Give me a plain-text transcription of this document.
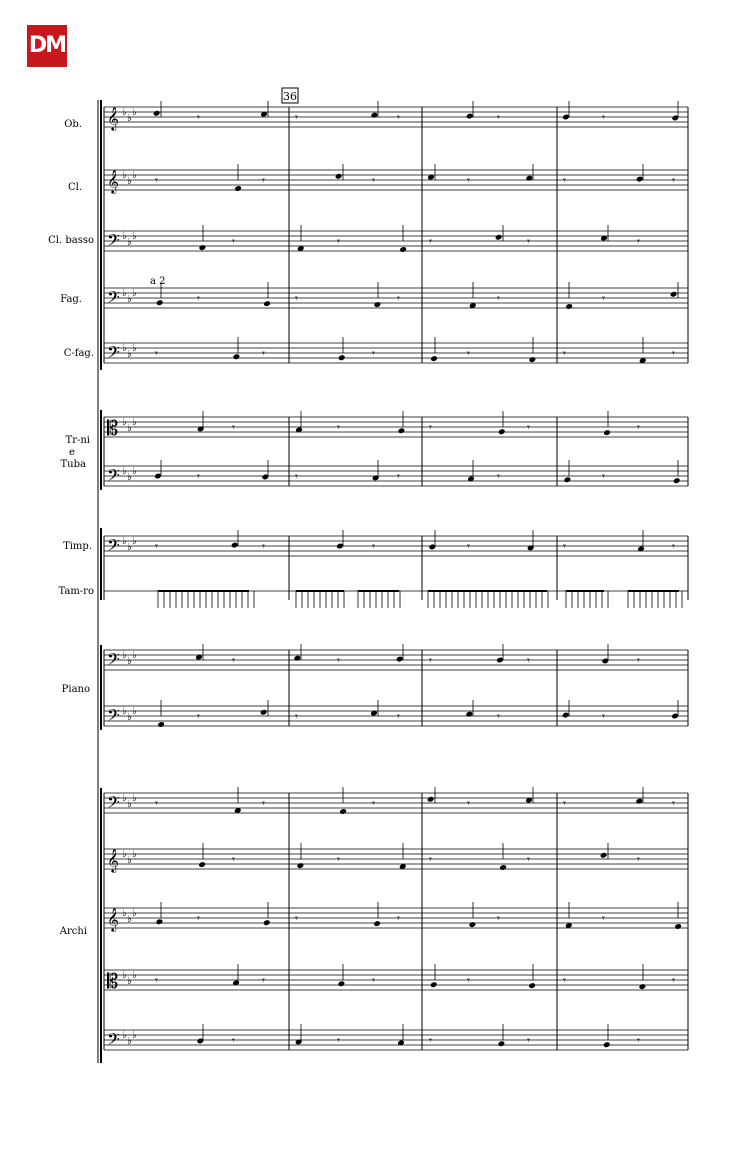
DM
𝄞 ♭
♭
♭
𝄞 ♭
♭
♭
𝄢 ♭
♭
♭
𝄢 ♭
♭
♭
𝄢 ♭
♭
♭
𝄡 ♭
♭
♭
𝄢 ♭
♭
♭
𝄢 ♭
♭
♭
𝄢 ♭
♭
♭
𝄢 ♭
♭
♭
𝄢 ♭
♭
♭
𝄞 ♭
♭
♭
𝄞 ♭
♭
♭
𝄡 ♭
♭
♭
𝄢 ♭
♭
♭
𝄾	𝄾	𝄾	𝄾	𝄾
𝄾	𝄾	𝄾	𝄾	𝄾	𝄾
𝄾	𝄾	𝄾	𝄾	𝄾
𝄾	𝄾	𝄾	𝄾	𝄾
𝄾	𝄾	𝄾	𝄾	𝄾	𝄾
𝄾	𝄾	𝄾	𝄾	𝄾
𝄾	𝄾	𝄾	𝄾	𝄾
𝄾	𝄾	𝄾	𝄾	𝄾	𝄾
𝄾	𝄾	𝄾	𝄾	𝄾
𝄾	𝄾	𝄾	𝄾	𝄾
𝄾	𝄾	𝄾	𝄾	𝄾	𝄾
𝄾	𝄾	𝄾	𝄾	𝄾
𝄾	𝄾	𝄾	𝄾	𝄾
𝄾	𝄾	𝄾	𝄾	𝄾	𝄾
𝄾	𝄾	𝄾	𝄾	𝄾
Ob.
Cl.
Cl. basso
Fag.
C-fag.
Tr-ni
e
Tuba
Timp.
Tam-ro
Piano
Archi
36
a 2
